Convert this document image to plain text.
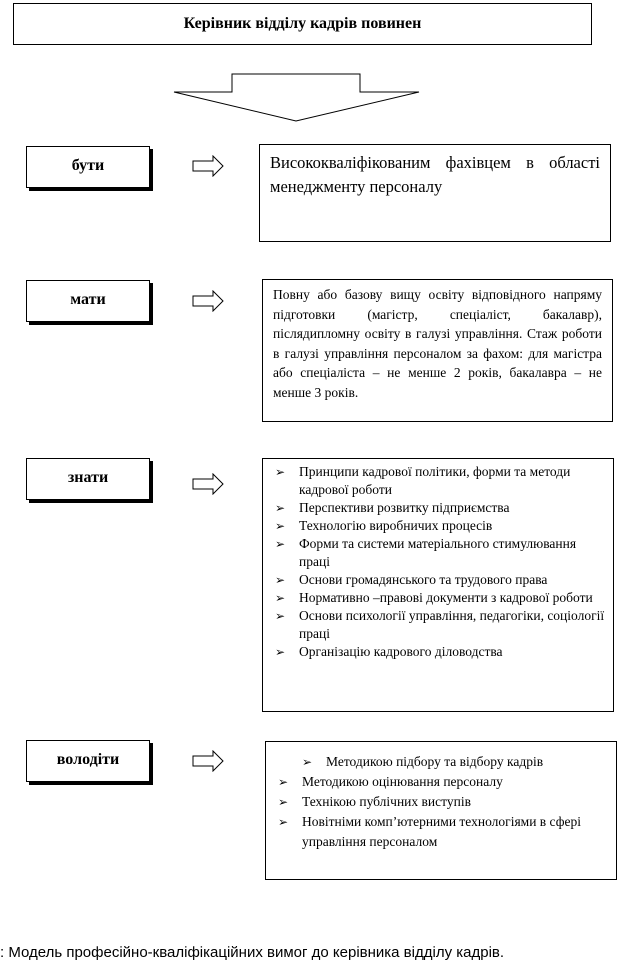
Керівник відділу кадрів повинен
бути	Висококваліфікованим фахівцем в області менеджменту персоналу
мати	Повну або базову вищу освіту відповідного напряму підготовки (магістр, спеціаліст, бакалавр), післядипломну освіту в галузі управління. Стаж роботи в галузі управління персоналом за фахом: для магістра або спеціаліста – не менше 2 років, бакалавра – не менше 3 років.
знати	➢ Принципи кадрової політики, форми та методи кадрової роботи
➢ Перспективи розвитку підприємства
➢ Технологію виробничих процесів
➢ Форми та системи матеріального стимулювання праці
➢ Основи громадянського та трудового права
➢ Нормативно –правові документи з кадрової роботи
➢ Основи психології управління, педагогіки, соціології праці
➢ Організацію кадрового діловодства
володіти	➢ Методикою підбору та відбору кадрів
➢ Методикою оцінювання персоналу
➢ Технікою публічних виступів
➢ Новітніми комп’ютерними технологіями в сфері управління персоналом
: Модель професійно-кваліфікаційних вимог до керівника відділу кадрів.
